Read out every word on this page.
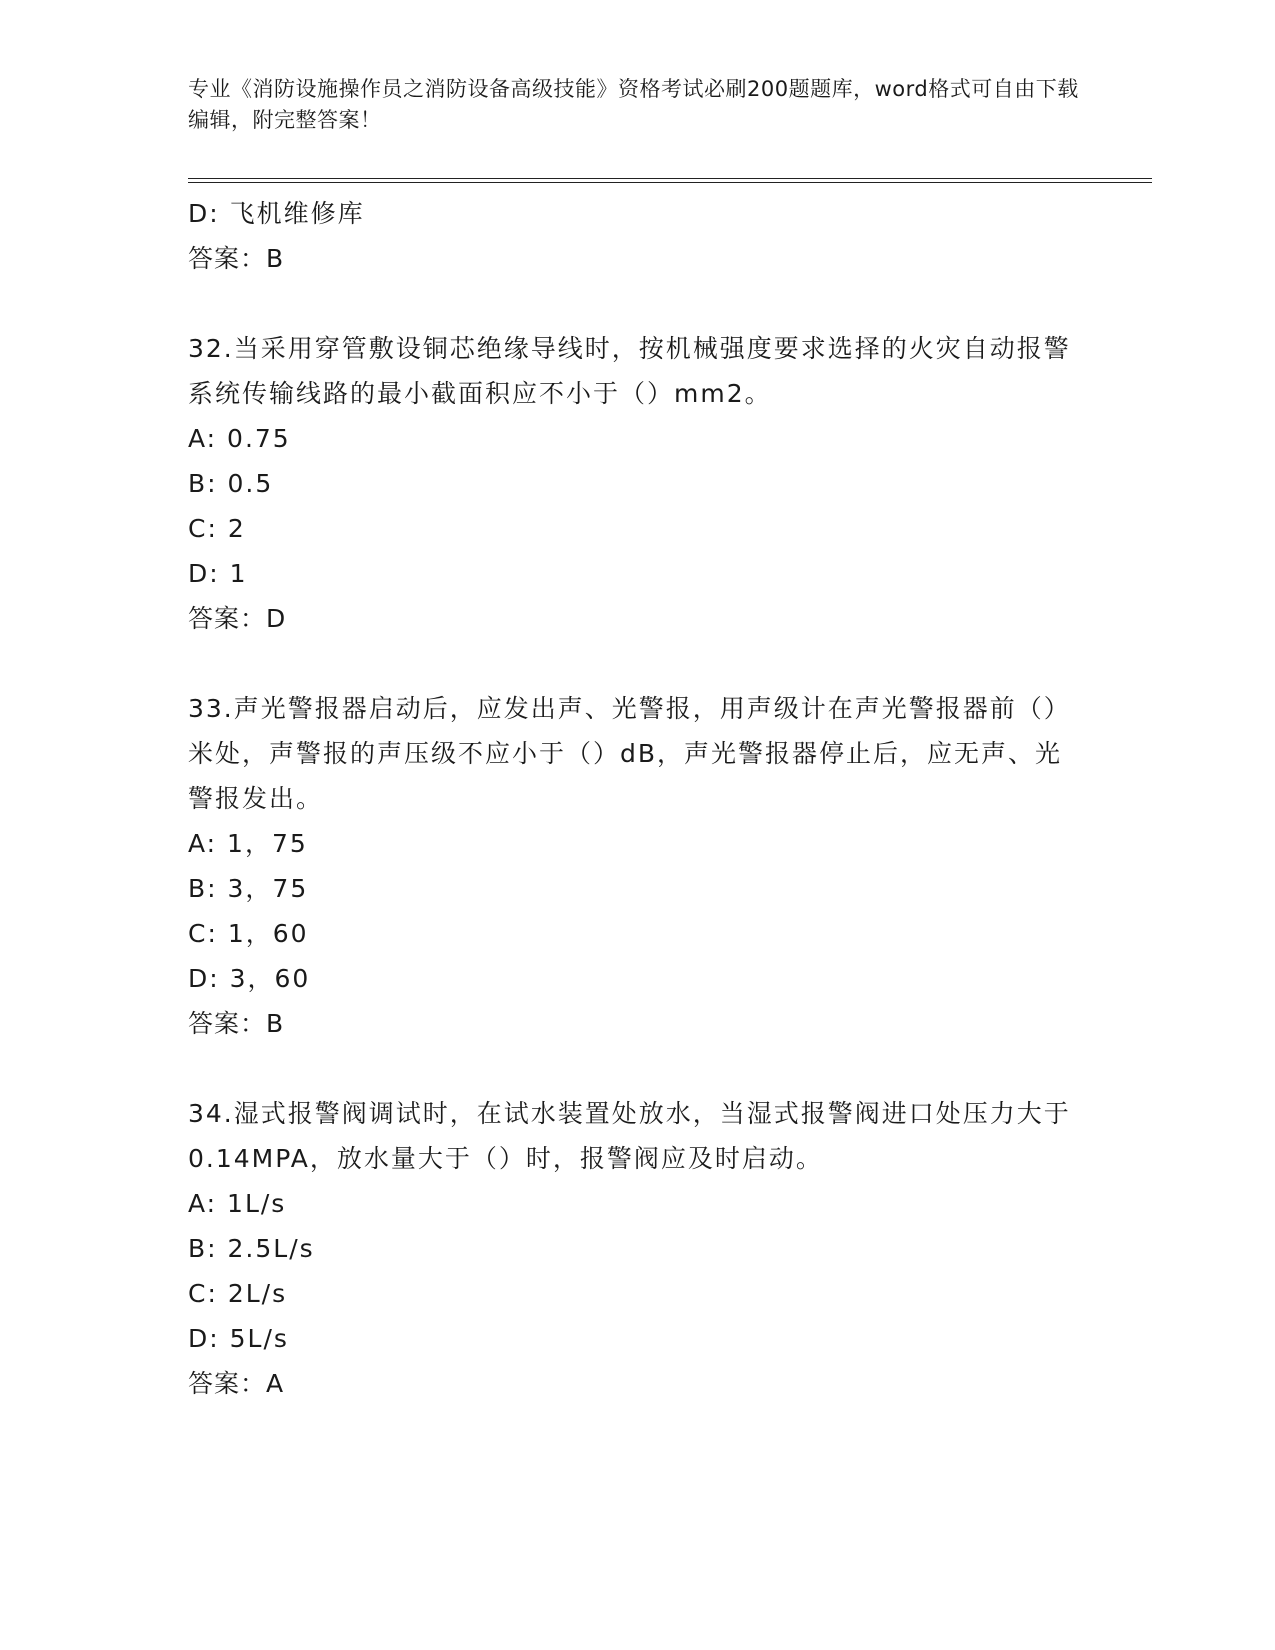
专业《消防设施操作员之消防设备高级技能》资格考试必刷200题题库，word格式可自由下载编辑，附完整答案！
D: 飞机维修库
答案：B
32.当采用穿管敷设铜芯绝缘导线时，按机械强度要求选择的火灾自动报警系统传输线路的最小截面积应不小于（）mm2。
A: 0.75
B: 0.5
C: 2
D: 1
答案：D
33.声光警报器启动后，应发出声、光警报，用声级计在声光警报器前（）米处，声警报的声压级不应小于（）dB，声光警报器停止后，应无声、光警报发出。
A: 1，75
B: 3，75
C: 1，60
D: 3，60
答案：B
34.湿式报警阀调试时，在试水装置处放水，当湿式报警阀进口处压力大于0.14MPA，放水量大于（）时，报警阀应及时启动。
A: 1L/s
B: 2.5L/s
C: 2L/s
D: 5L/s
答案：A
